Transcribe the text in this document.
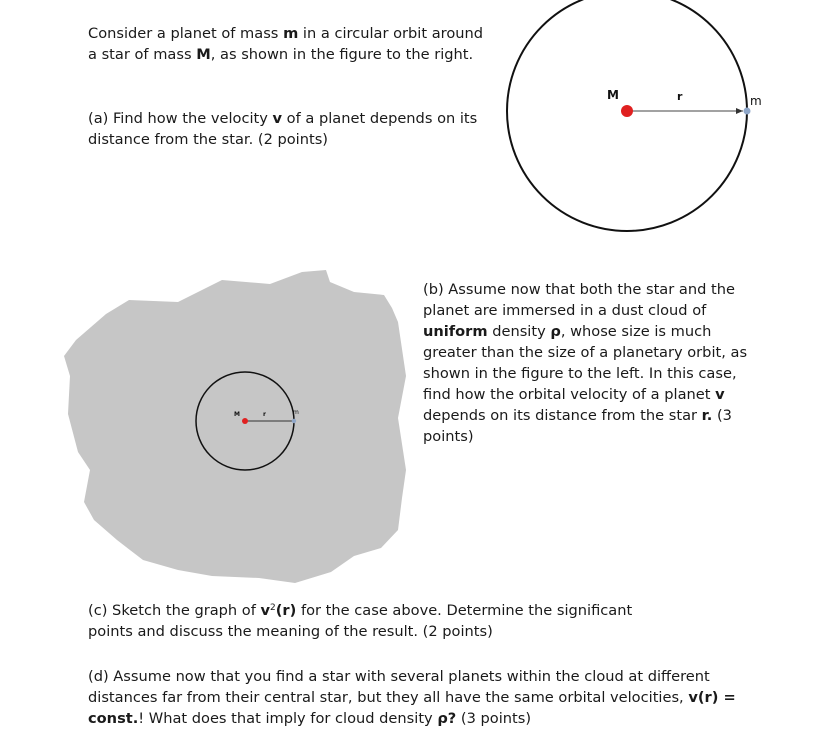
Consider a planet of mass m in a circular orbit around a star of mass M, as shown in the figure to the right.

(a) Find how the velocity v of a planet depends on its distance from the star. (2 points)

(b) Assume now that both the star and the planet are immersed in a dust cloud of uniform density ρ, whose size is much greater than the size of a planetary orbit, as shown in the figure to the left. In this case, find how the orbital velocity of a planet v depends on its distance from the star r. (3 points)

(c) Sketch the graph of $v^2(r)$ for the case above. Determine the significant points and discuss the meaning of the result. (2 points)

(d) Assume now that you find a star with several planets within the cloud at different distances far from their central star, but they all have the same orbital velocities, v(r) = const.! What does that imply for cloud density ρ? (3 points)

M	r	m
M	r	m
